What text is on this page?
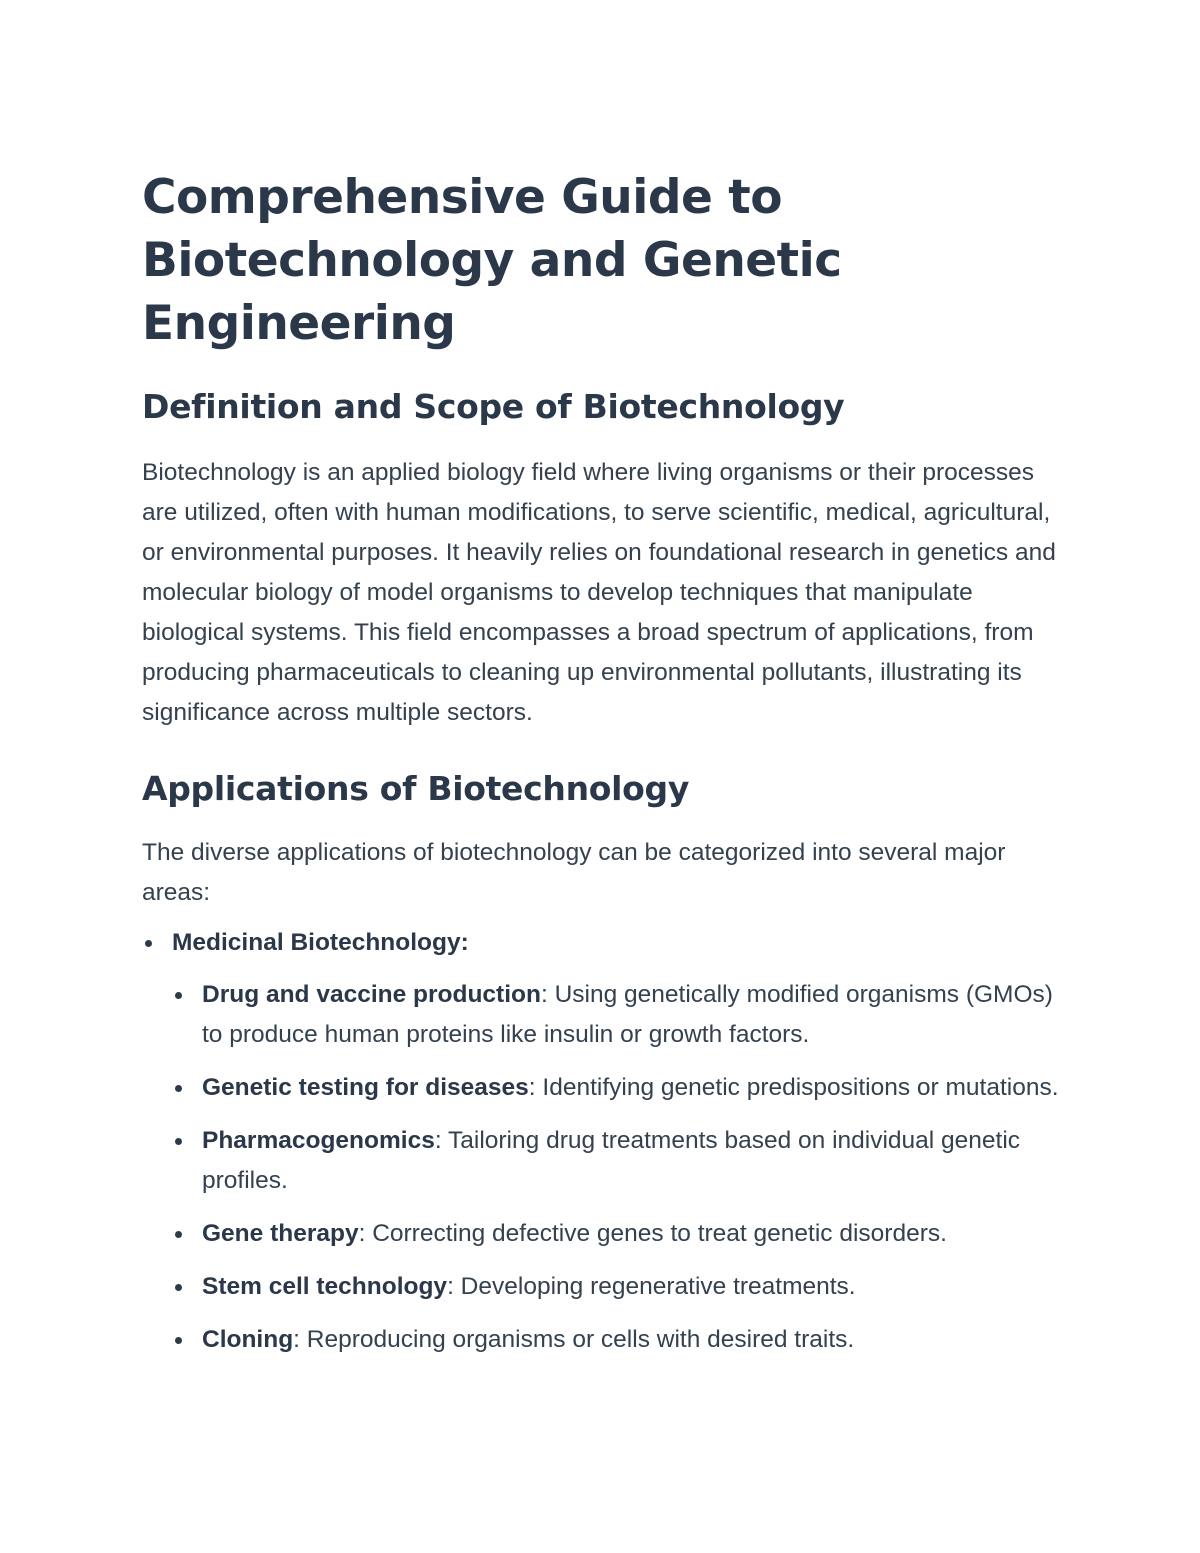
Comprehensive Guide to Biotechnology and Genetic Engineering
Definition and Scope of Biotechnology

Biotechnology is an applied biology field where living organisms or their processes are utilized, often with human modifications, to serve scientific, medical, agricultural, or environmental purposes. It heavily relies on foundational research in genetics and molecular biology of model organisms to develop techniques that manipulate biological systems. This field encompasses a broad spectrum of applications, from producing pharmaceuticals to cleaning up environmental pollutants, illustrating its significance across multiple sectors.

Applications of Biotechnology

The diverse applications of biotechnology can be categorized into several major areas:

Medicinal Biotechnology:
Drug and vaccine production: Using genetically modified organisms (GMOs) to produce human proteins like insulin or growth factors.
Genetic testing for diseases: Identifying genetic predispositions or mutations.
Pharmacogenomics: Tailoring drug treatments based on individual genetic profiles.
Gene therapy: Correcting defective genes to treat genetic disorders.
Stem cell technology: Developing regenerative treatments.
Cloning: Reproducing organisms or cells with desired traits.
